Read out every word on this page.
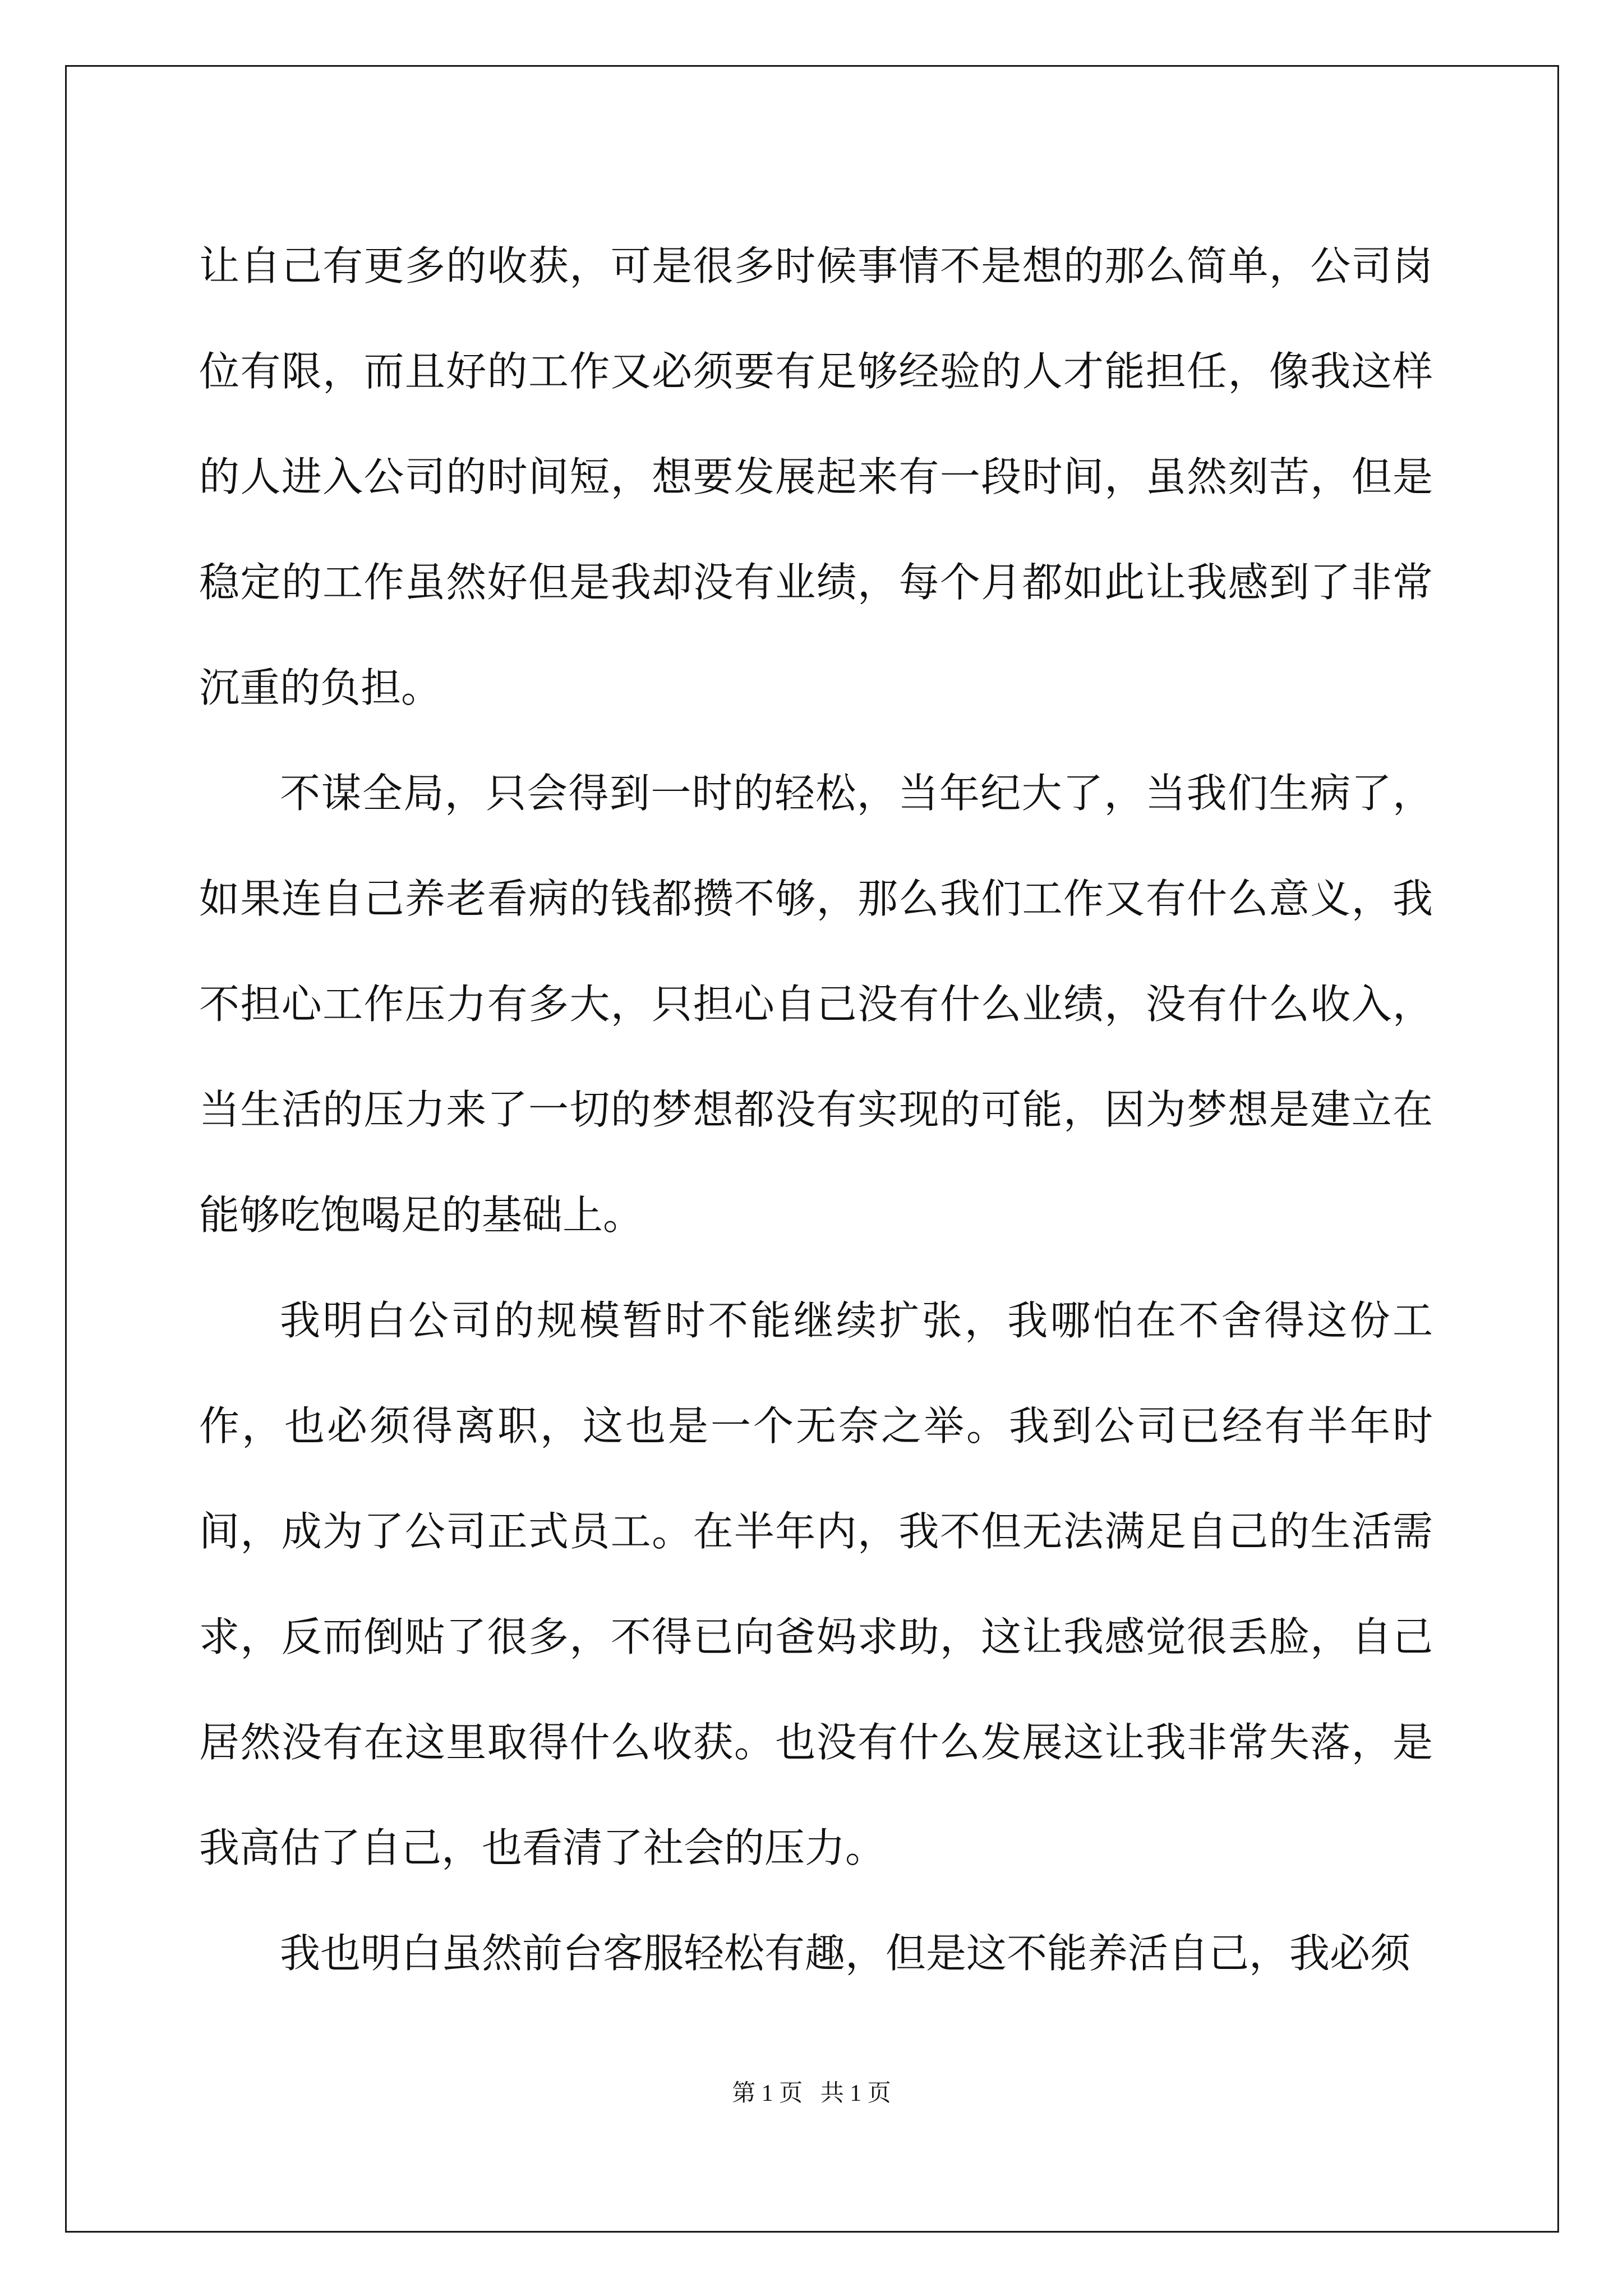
让自己有更多的收获，可是很多时候事情不是想的那么简单，公司岗位有限，而且好的工作又必须要有足够经验的人才能担任，像我这样的人进入公司的时间短，想要发展起来有一段时间，虽然刻苦，但是稳定的工作虽然好但是我却没有业绩，每个月都如此让我感到了非常沉重的负担。

不谋全局，只会得到一时的轻松，当年纪大了，当我们生病了，如果连自己养老看病的钱都攒不够，那么我们工作又有什么意义，我不担心工作压力有多大，只担心自己没有什么业绩，没有什么收入，当生活的压力来了一切的梦想都没有实现的可能，因为梦想是建立在能够吃饱喝足的基础上。

我明白公司的规模暂时不能继续扩张，我哪怕在不舍得这份工作，也必须得离职，这也是一个无奈之举。我到公司已经有半年时间，成为了公司正式员工。在半年内，我不但无法满足自己的生活需求，反而倒贴了很多，不得已向爸妈求助，这让我感觉很丢脸，自己居然没有在这里取得什么收获。也没有什么发展这让我非常失落，是我高估了自己，也看清了社会的压力。

我也明白虽然前台客服轻松有趣，但是这不能养活自己，我必须

第 1 页   共 1 页
